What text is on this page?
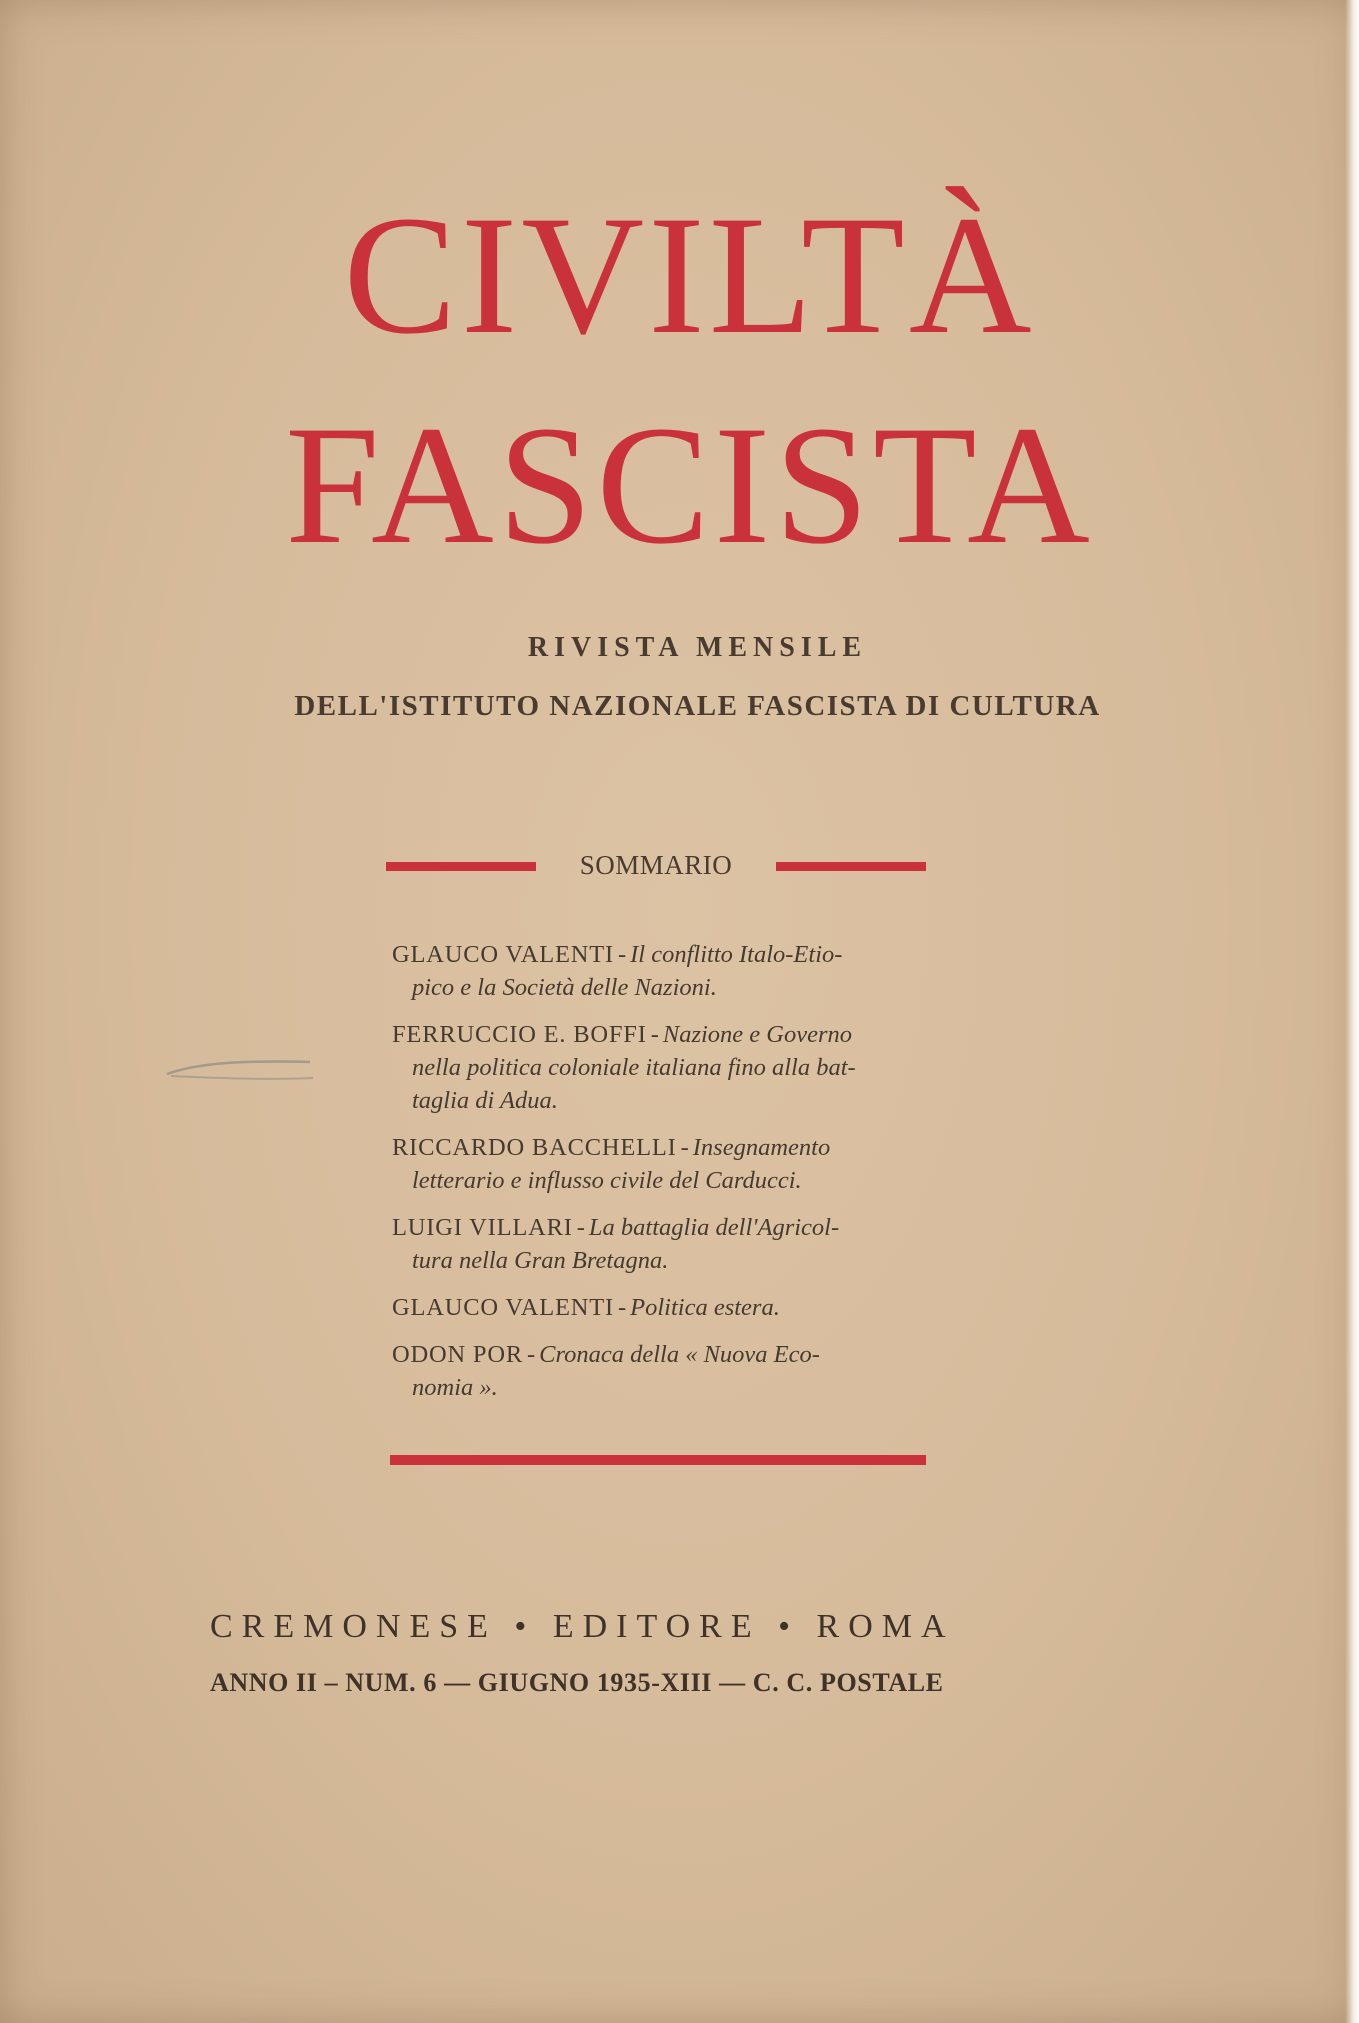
CIVILTÀ
FASCISTA
RIVISTA MENSILE
DELL'ISTITUTO NAZIONALE FASCISTA DI CULTURA
SOMMARIO
GLAUCO VALENTI - Il conflitto Italo-Etio-
pico e la Società delle Nazioni.
FERRUCCIO E. BOFFI - Nazione e Governo
nella politica coloniale italiana fino alla bat-
taglia di Adua.
RICCARDO BACCHELLI - Insegnamento
letterario e influsso civile del Carducci.
LUIGI VILLARI - La battaglia dell'Agricol-
tura nella Gran Bretagna.
GLAUCO VALENTI - Politica estera.
ODON POR - Cronaca della « Nuova Eco-
nomia ».
CREMONESE • EDITORE • ROMA
ANNO II – NUM. 6 — GIUGNO 1935-XIII — C. C. POSTALE
